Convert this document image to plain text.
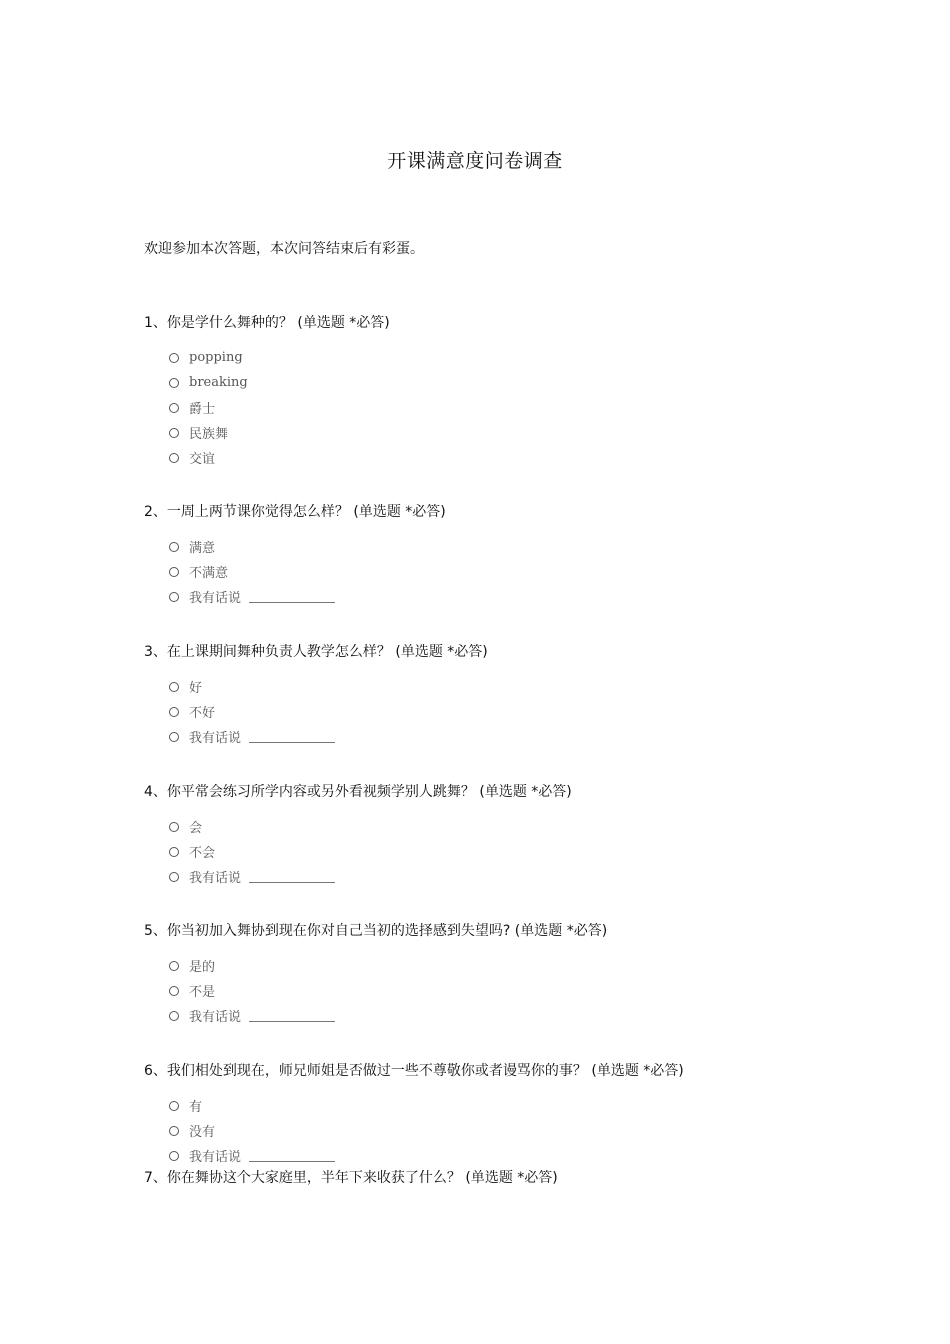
开课满意度问卷调查
欢迎参加本次答题，本次问答结束后有彩蛋。
1、你是学什么舞种的？ (单选题 *必答)
popping
breaking
爵士
民族舞
交谊
2、一周上两节课你觉得怎么样？ (单选题 *必答)
满意
不满意
我有话说
3、在上课期间舞种负责人教学怎么样？ (单选题 *必答)
好
不好
我有话说
4、你平常会练习所学内容或另外看视频学别人跳舞？ (单选题 *必答)
会
不会
我有话说
5、你当初加入舞协到现在你对自己当初的选择感到失望吗? (单选题 *必答)
是的
不是
我有话说
6、我们相处到现在，师兄师姐是否做过一些不尊敬你或者谩骂你的事？ (单选题 *必答)
有
没有
我有话说
7、你在舞协这个大家庭里，半年下来收获了什么？ (单选题 *必答)
